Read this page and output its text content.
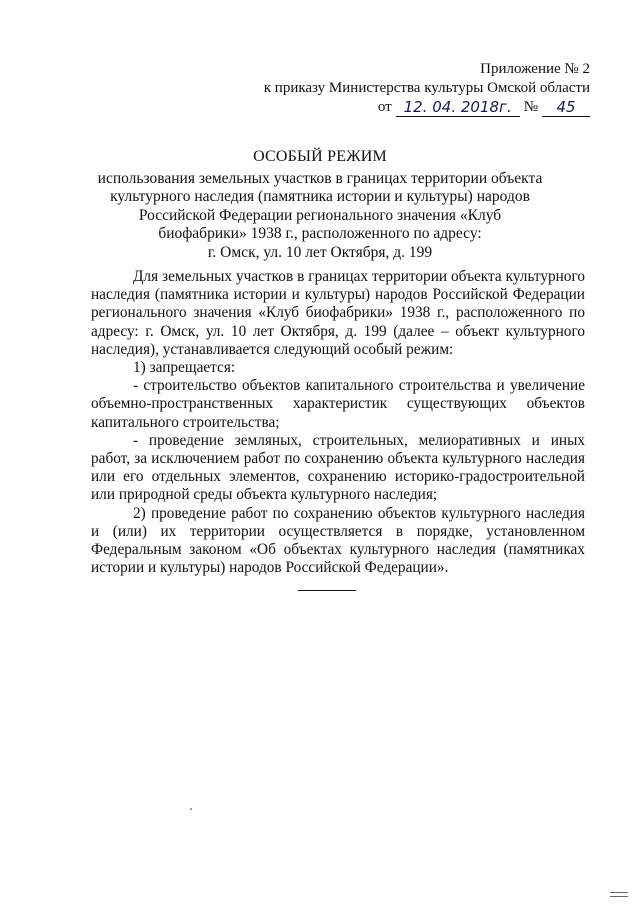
Приложение № 2
к приказу Министерства культуры Омской области
от 12. 04. 2018г. №	45
ОСОБЫЙ РЕЖИМ
использования земельных участков в границах территории объекта
культурного наследия (памятника истории и культуры) народов
Российской Федерации регионального значения «Клуб
биофабрики» 1938 г., расположенного по адресу:
г. Омск, ул. 10 лет Октября, д. 199

Для земельных участков в границах территории объекта культурного наследия (памятника истории и культуры) народов Российской Федерации регионального значения «Клуб биофабрики» 1938 г., расположенного по адресу: г. Омск, ул. 10 лет Октября, д. 199 (далее – объект культурного наследия), устанавливается следующий особый режим:

1) запрещается:

- строительство объектов капитального строительства и увеличение объемно-пространственных характеристик существующих объектов капитального строительства;

- проведение земляных, строительных, мелиоративных и иных работ, за исключением работ по сохранению объекта культурного наследия или его отдельных элементов, сохранению историко-градостроительной или природной среды объекта культурного наследия;

2) проведение работ по сохранению объектов культурного наследия и (или) их территории осуществляется в порядке, установленном Федеральным законом «Об объектах культурного наследия (памятниках истории и культуры) народов Российской Федерации».
